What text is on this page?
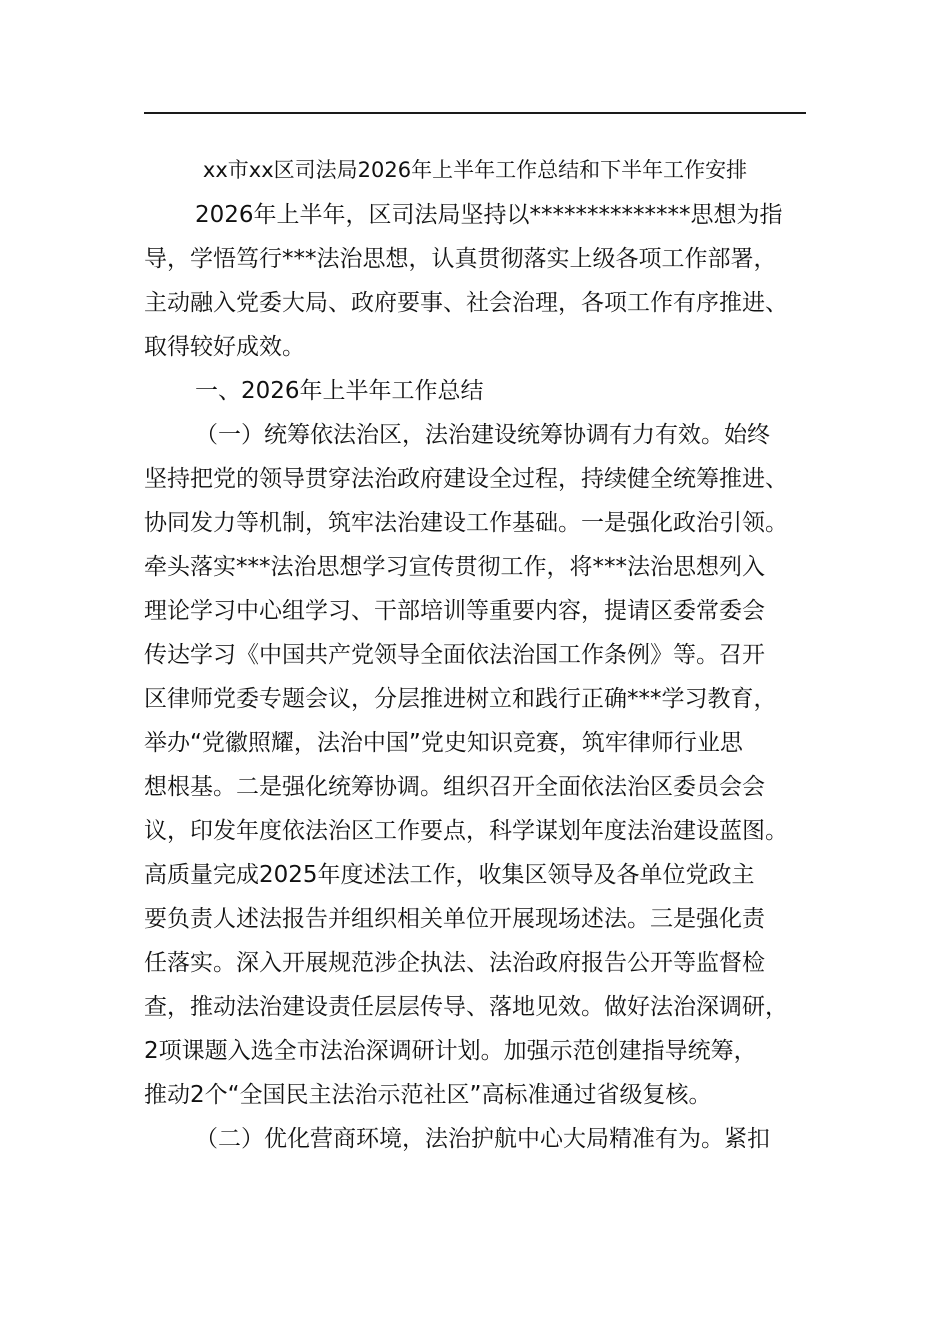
xx市xx区司法局2026年上半年工作总结和下半年工作安排
2026年上半年，区司法局坚持以**************思想为指
导，学悟笃行***法治思想，认真贯彻落实上级各项工作部署，
主动融入党委大局、政府要事、社会治理，各项工作有序推进、
取得较好成效。
一、2026年上半年工作总结
（一）统筹依法治区，法治建设统筹协调有力有效。始终
坚持把党的领导贯穿法治政府建设全过程，持续健全统筹推进、
协同发力等机制，筑牢法治建设工作基础。一是强化政治引领。
牵头落实***法治思想学习宣传贯彻工作，将***法治思想列入
理论学习中心组学习、干部培训等重要内容，提请区委常委会
传达学习《中国共产党领导全面依法治国工作条例》等。召开
区律师党委专题会议，分层推进树立和践行正确***学习教育，
举办“党徽照耀，法治中国”党史知识竞赛，筑牢律师行业思
想根基。二是强化统筹协调。组织召开全面依法治区委员会会
议，印发年度依法治区工作要点，科学谋划年度法治建设蓝图。
高质量完成2025年度述法工作，收集区领导及各单位党政主
要负责人述法报告并组织相关单位开展现场述法。三是强化责
任落实。深入开展规范涉企执法、法治政府报告公开等监督检
查，推动法治建设责任层层传导、落地见效。做好法治深调研，
2项课题入选全市法治深调研计划。加强示范创建指导统筹，
推动2个“全国民主法治示范社区”高标准通过省级复核。
（二）优化营商环境，法治护航中心大局精准有为。紧扣
